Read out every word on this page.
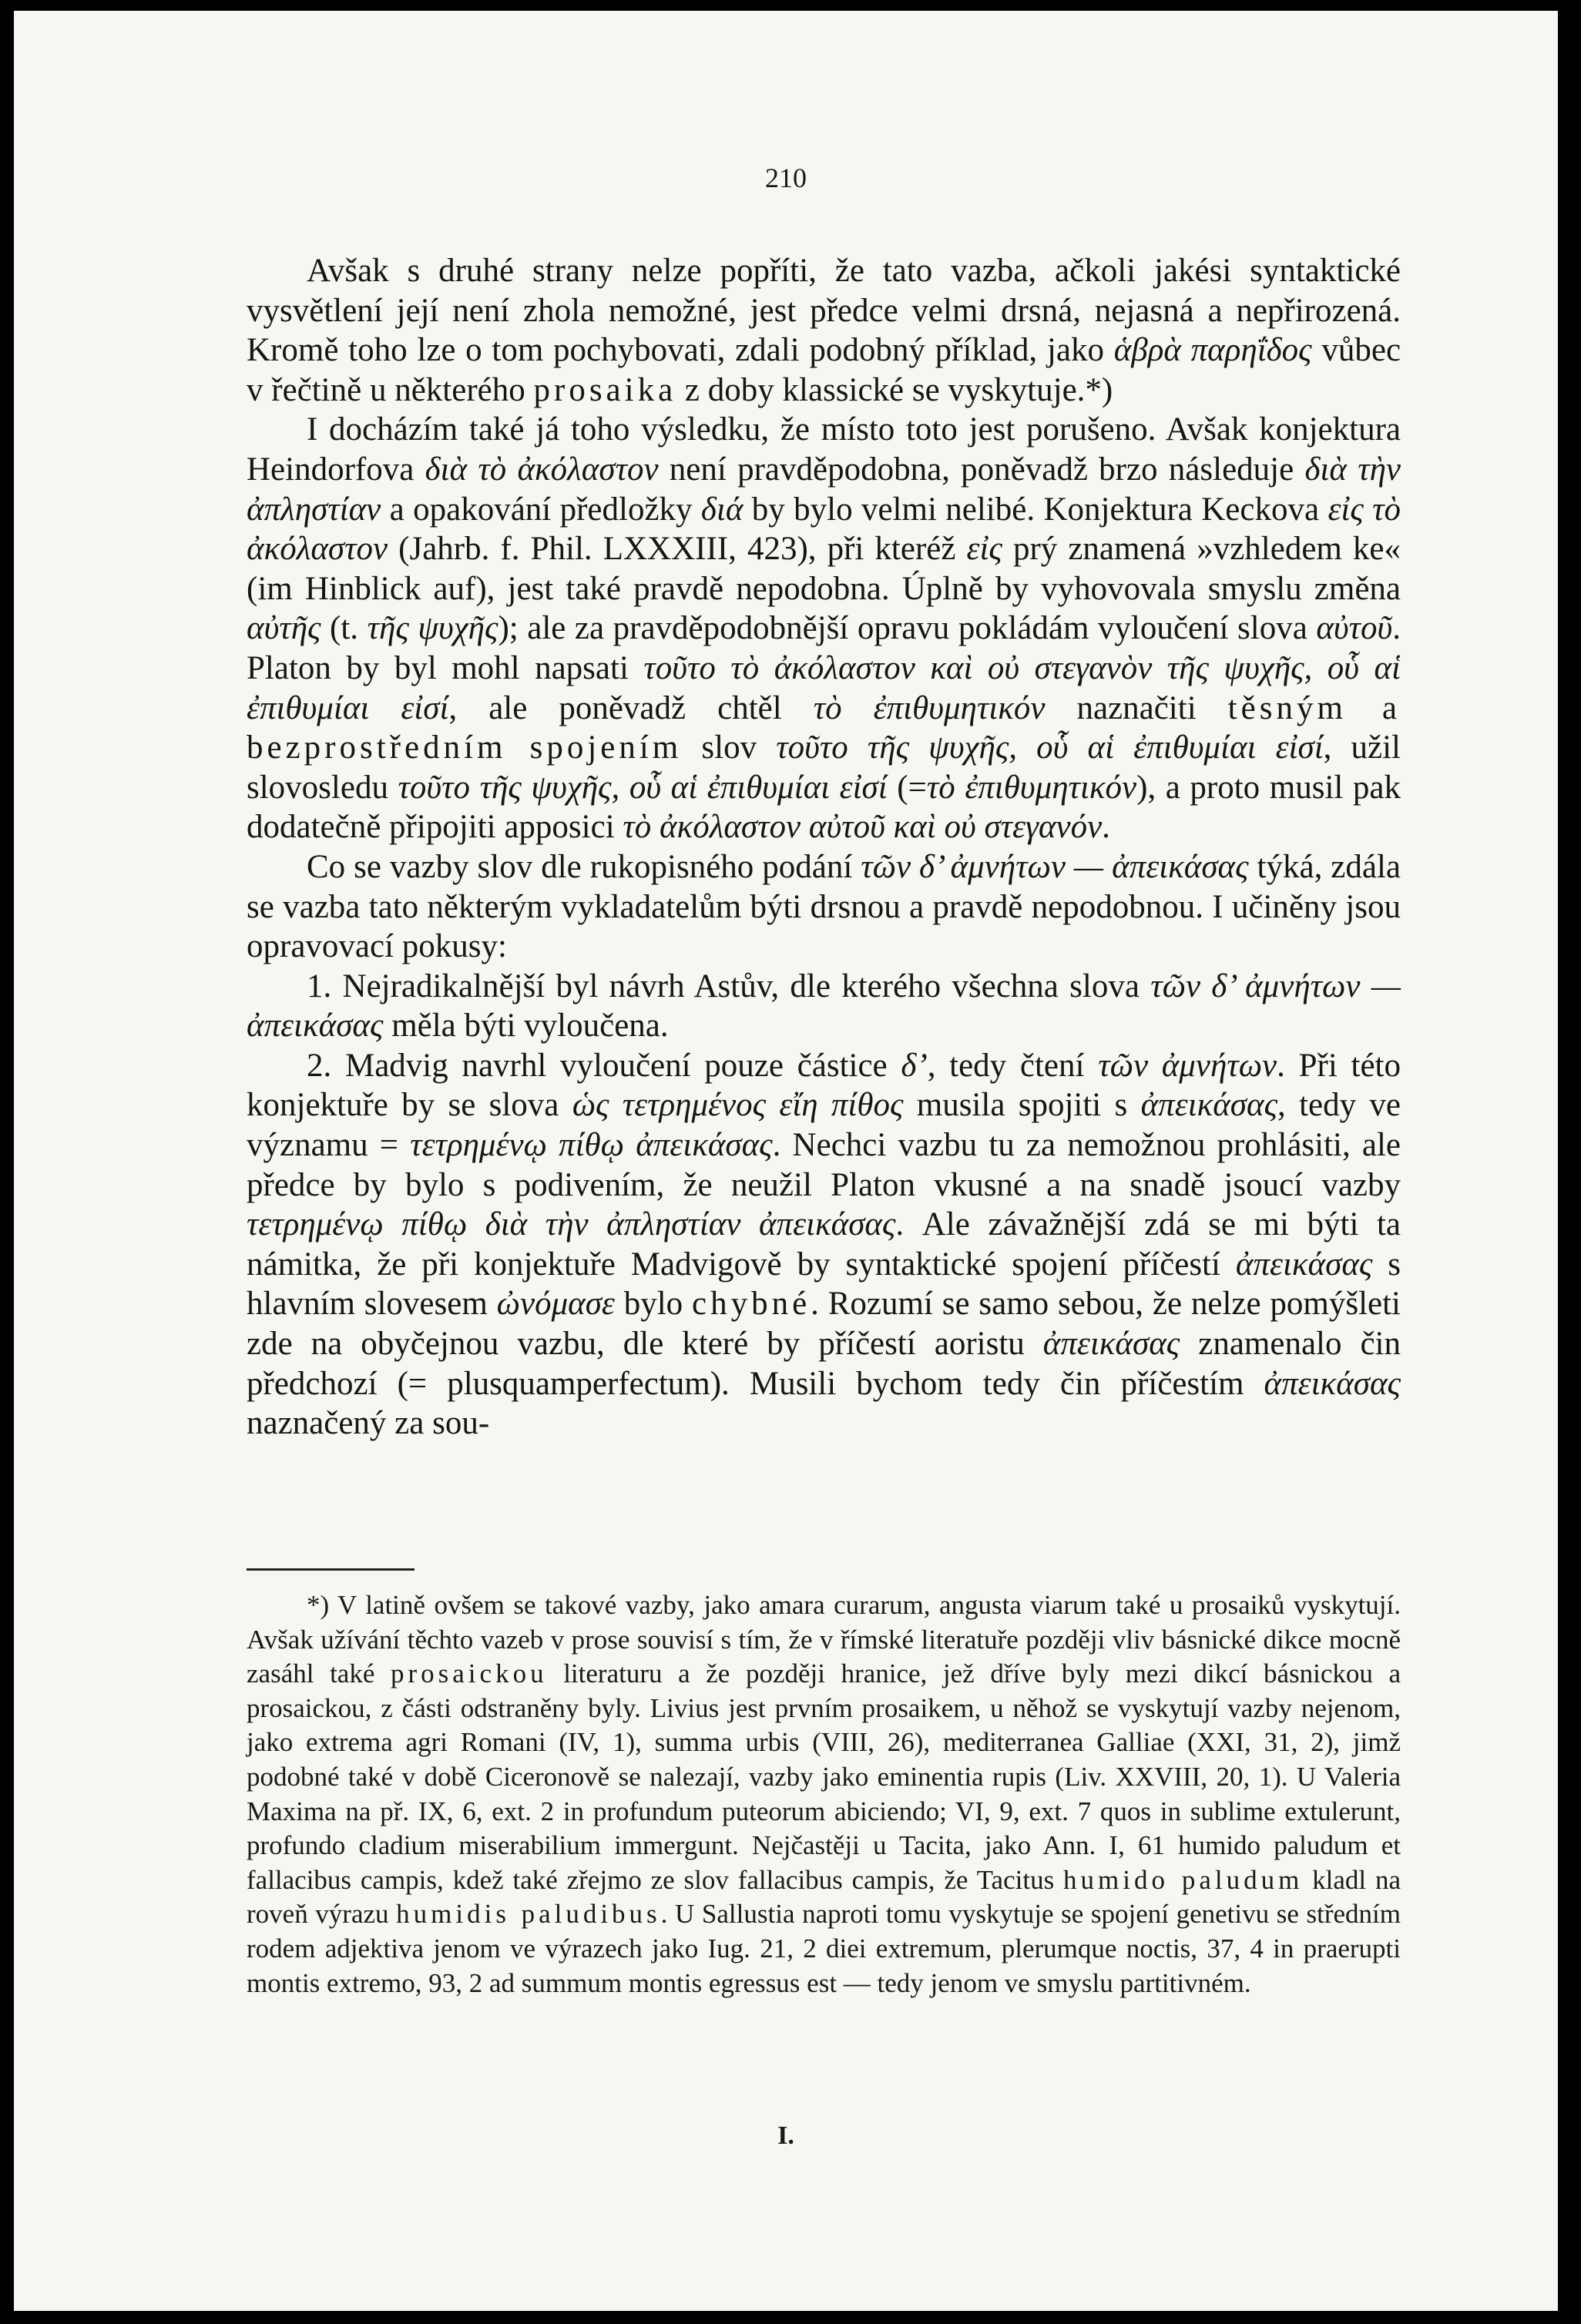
210

Avšak s druhé strany nelze popříti, že tato vazba, ačkoli jakési syntaktické vysvětlení její není zhola nemožné, jest předce velmi drsná, nejasná a nepřirozená. Kromě toho lze o tom pochybovati, zdali podobný příklad, jako ἁβρὰ παρηΐδος vůbec v řečtině u některého prosaika z doby klassické se vyskytuje.*)

I docházím také já toho výsledku, že místo toto jest porušeno. Avšak konjektura Heindorfova διὰ τὸ ἀκόλαστον není pravděpodobna, poněvadž brzo následuje διὰ τὴν ἀπληστίαν a opakování předložky διά by bylo velmi nelibé. Konjektura Keckova εἰς τὸ ἀκόλαστον (Jahrb. f. Phil. LXXXIII, 423), při kteréž εἰς prý znamená »vzhledem ke« (im Hinblick auf), jest také pravdě nepodobna. Úplně by vyhovovala smyslu změna αὐτῆς (t. τῆς ψυχῆς); ale za pravděpodobnější opravu pokládám vyloučení slova αὐτοῦ. Platon by byl mohl napsati τοῦτο τὸ ἀκόλαστον καὶ οὐ στεγανὸν τῆς ψυχῆς, οὗ αἱ ἐπιθυμίαι εἰσί, ale poněvadž chtěl τὸ ἐπιθυμητικόν naznačiti těsným a bezprostředním spojením slov τοῦτο τῆς ψυχῆς, οὗ αἱ ἐπιθυμίαι εἰσί, užil slovosledu τοῦτο τῆς ψυχῆς, οὗ αἱ ἐπιθυμίαι εἰσί (=τὸ ἐπιθυμητικόν), a proto musil pak dodatečně připojiti apposici τὸ ἀκόλαστον αὐτοῦ καὶ οὐ στεγανόν.

Co se vazby slov dle rukopisného podání τῶν δ’ ἀμνήτων — ἀπεικάσας týká, zdála se vazba tato některým vykladatelům býti drsnou a pravdě nepodobnou. I učiněny jsou opravovací pokusy:

1. Nejradikalnější byl návrh Astův, dle kterého všechna slova τῶν δ’ ἀμνήτων — ἀπεικάσας měla býti vyloučena.

2. Madvig navrhl vyloučení pouze částice δ’, tedy čtení τῶν ἀμνήτων. Při této konjektuře by se slova ὡς τετρημένος εἴη πίθος musila spojiti s ἀπεικάσας, tedy ve významu = τετρημένῳ πίθῳ ἀπεικάσας. Nechci vazbu tu za nemožnou prohlásiti, ale předce by bylo s podivením, že neužil Platon vkusné a na snadě jsoucí vazby τετρημένῳ πίθῳ διὰ τὴν ἀπληστίαν ἀπεικάσας. Ale závažnější zdá se mi býti ta námitka, že při konjektuře Madvigově by syntaktické spojení příčestí ἀπεικάσας s hlavním slovesem ὠνόμασε bylo chybné. Rozumí se samo sebou, že nelze pomýšleti zde na obyčejnou vazbu, dle které by příčestí aoristu ἀπεικάσας znamenalo čin předchozí (= plusquamperfectum). Musili bychom tedy čin příčestím ἀπεικάσας naznačený za sou-

*) V latině ovšem se takové vazby, jako amara curarum, angusta viarum také u prosaiků vyskytují. Avšak užívání těchto vazeb v prose souvisí s tím, že v římské literatuře později vliv básnické dikce mocně zasáhl také prosaickou literaturu a že později hranice, jež dříve byly mezi dikcí básnickou a prosaickou, z části odstraněny byly. Livius jest prvním prosaikem, u něhož se vyskytují vazby nejenom, jako extrema agri Romani (IV, 1), summa urbis (VIII, 26), mediterranea Galliae (XXI, 31, 2), jimž podobné také v době Ciceronově se nalezají, vazby jako eminentia rupis (Liv. XXVIII, 20, 1). U Valeria Maxima na př. IX, 6, ext. 2 in profundum puteorum abiciendo; VI, 9, ext. 7 quos in sublime extulerunt, profundo cladium miserabilium immergunt. Nejčastěji u Tacita, jako Ann. I, 61 humido paludum et fallacibus campis, kdež také zřejmo ze slov fallacibus campis, že Tacitus humido paludum kladl na roveň výrazu humidis paludibus. U Sallustia naproti tomu vyskytuje se spojení genetivu se středním rodem adjektiva jenom ve výrazech jako Iug. 21, 2 diei extremum, plerumque noctis, 37, 4 in praerupti montis extremo, 93, 2 ad summum montis egressus est — tedy jenom ve smyslu partitivném.

I.
